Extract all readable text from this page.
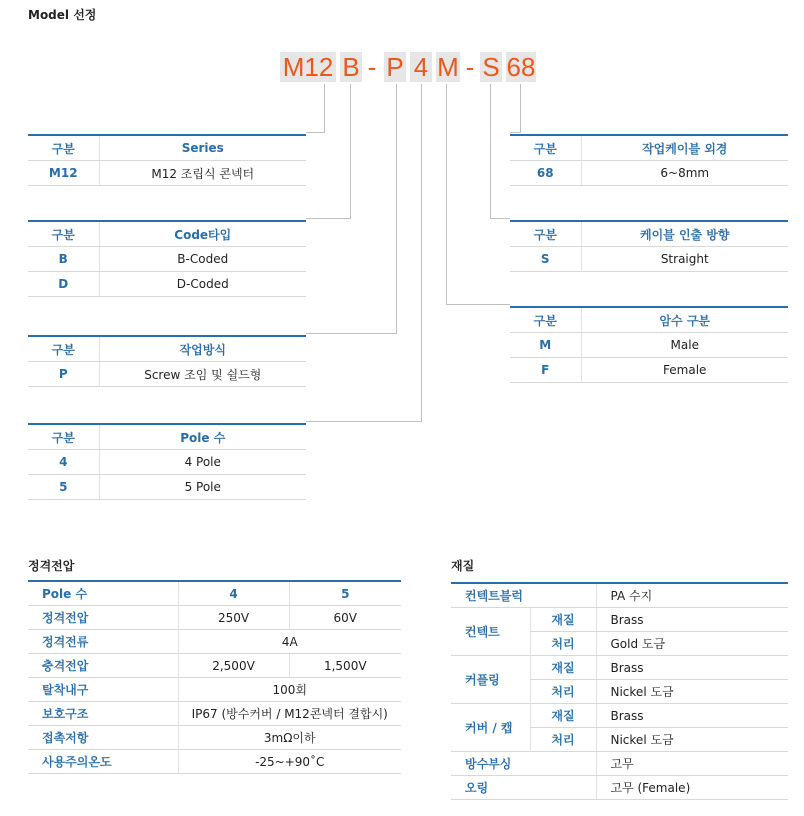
Model 선정
M12 B - P 4 M - S 68
구분	Series
M12	M12 조립식 콘넥터
구분	Code타입
B	B-Coded
D	D-Coded
구분	작업방식
P	Screw 조임 및 쉴드형
구분	Pole 수
4	4 Pole
5	5 Pole
구분	작업케이블 외경
68	6~8mm
구분	케이블 인출 방향
S	Straight
구분	암수 구분
M	Male
F	Female
정격전압
Pole 수	4	5
정격전압	250V	60V
정격전류	4A	
충격전압	2,500V	1,500V
탈착내구	100회	
보호구조	IP67 (방수커버 / M12콘넥터 결합시)	
접촉저항	3mΩ이하	
사용주의온도	-25~+90˚C	
재질
컨텍트블럭		PA 수지
컨텍트	재질	Brass
	처리	Gold 도금
커플링	재질	Brass
	처리	Nickel 도금
커버 / 캡	재질	Brass
	처리	Nickel 도금
방수부싱		고무
오링		고무 (Female)
